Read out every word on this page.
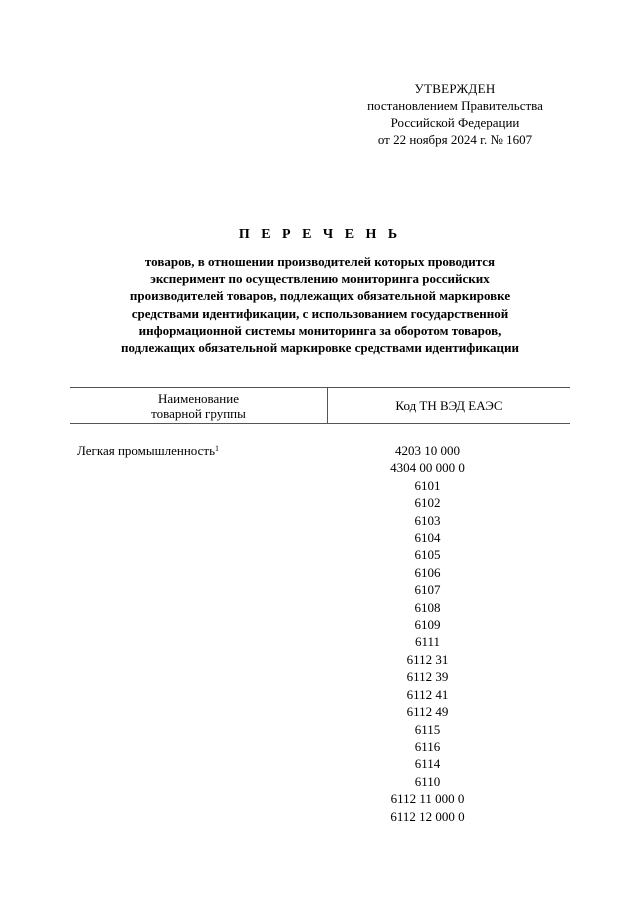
УТВЕРЖДЕН
постановлением Правительства
Российской Федерации
от 22 ноября 2024 г. № 1607
П Е Р Е Ч Е Н Ь
товаров, в отношении производителей которых проводится
эксперимент по осуществлению мониторинга российских
производителей товаров, подлежащих обязательной маркировке
средствами идентификации, с использованием государственной
информационной системы мониторинга за оборотом товаров,
подлежащих обязательной маркировке средствами идентификации
Наименование
товарной группы	Код ТН ВЭД ЕАЭС
Легкая промышленность$^1$	4203 10 000
4304 00 000 0
6101
6102
6103
6104
6105
6106
6107
6108
6109
6111
6112 31
6112 39
6112 41
6112 49
6115
6116
6114
6110
6112 11 000 0
6112 12 000 0
